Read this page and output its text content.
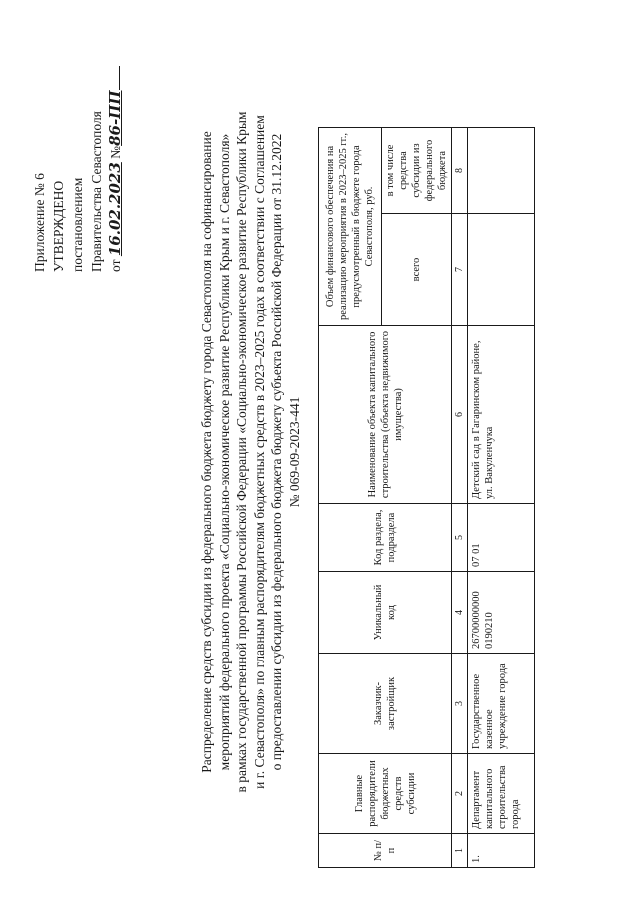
Приложение № 6 УТВЕРЖДЕНО постановлением Правительства Севастополя от 16.02.2023 №86-ПП
Распределение средств субсидии из федерального бюджета бюджету города Севастополя на софинансирование мероприятий федерального проекта «Социально-экономическое развитие Республики Крым и г. Севастополя» в рамках государственной программы Российской Федерации «Социально-экономическое развитие Республики Крым и г. Севастополя» по главным распорядителям бюджетных средств в 2023–2025 годах в соответствии с Соглашением о предоставлении субсидии из федерального бюджета бюджету субъекта Российской Федерации от 31.12.2022 № 069-09-2023-441
№ п/п	Главные распорядители бюджетных средств субсидии	Заказчик-застройщик	Уникальный код	Код раздела, подраздела	Наименование объекта капитального строительства (объекта недвижимого имущества)	Объем финансового обеспечения на реализацию мероприятия в 2023–2025 гг., предусмотренный в бюджете города Севастополя, руб.	
						всего	в том числе средства субсидии из федерального бюджета
1	2	3	4	5	6	7	8
1.	Департамент капитального строительства города	Государственное казенное учреждение города	26700000000 0190210	07 01	Детский сад в Гагаринском районе, ул. Вакуленчука		
